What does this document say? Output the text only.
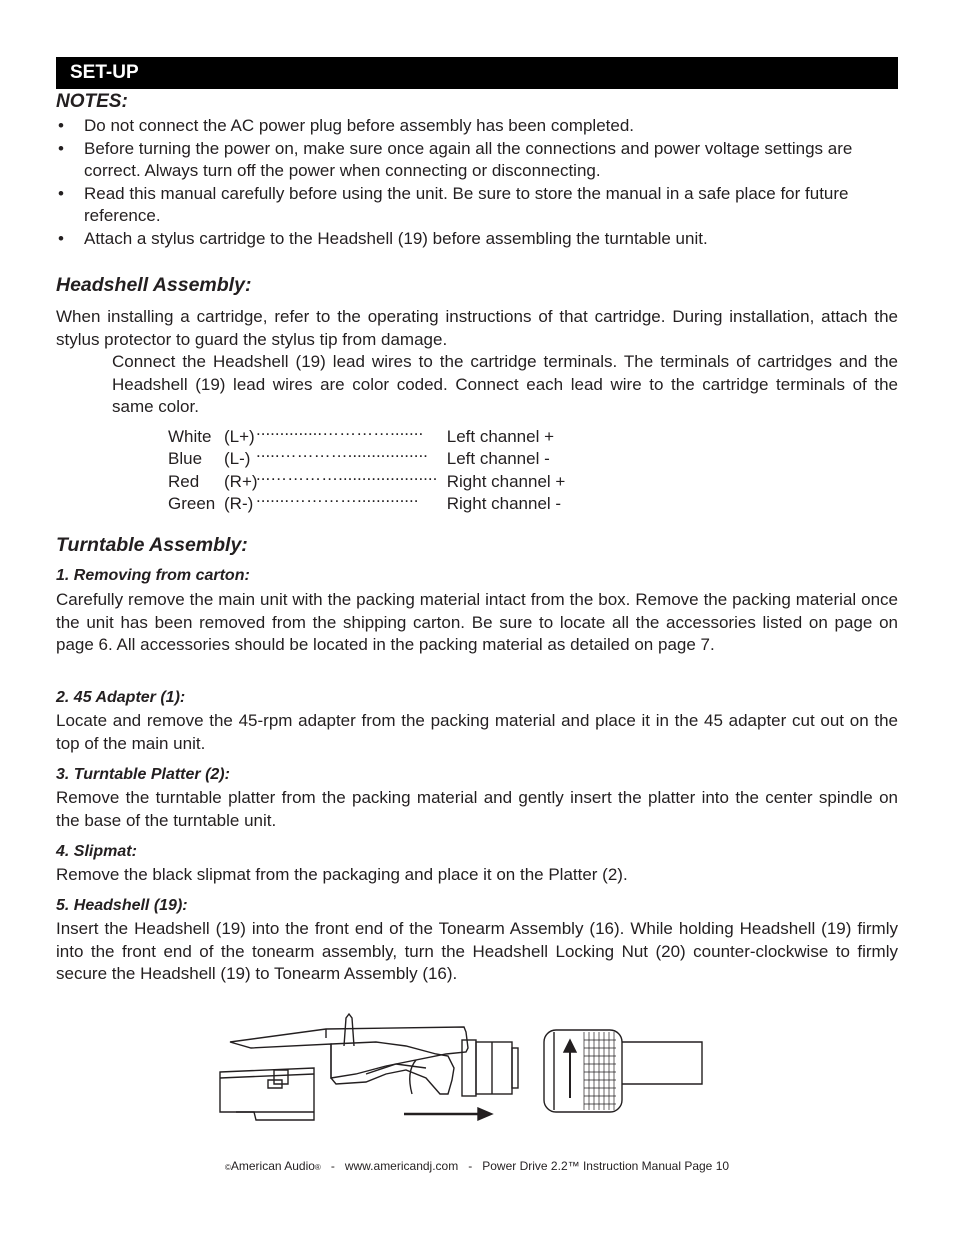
SET-UP
NOTES:
• Do not connect the AC power plug before assembly has been completed.
• Before turning the power on, make sure once again all the connections and power voltage settings are correct. Always turn off the power when connecting or disconnecting.
• Read this manual carefully before using the unit. Be sure to store the manual in a safe place for future reference.
• Attach a stylus cartridge to the Headshell (19) before assembling the turntable unit.
Headshell Assembly:

When installing a cartridge, refer to the operating instructions of that cartridge. During installation, attach the stylus protector to guard the stylus tip from damage.

Connect the Headshell (19) lead wires to the cartridge terminals. The terminals of cartridges and the Headshell (19) lead wires are color coded. Connect each lead wire to the cartridge terminals of the same color.

White (L+)..............…………....... Left channel +
Blue (L-) .....…………................. Left channel -
Red (R+)...…………..................... Right channel +
Green (R-) .......…………............. Right channel -
Turntable Assembly:
1. Removing from carton:

Carefully remove the main unit with the packing material intact from the box. Remove the packing material once the unit has been removed from the shipping carton. Be sure to locate all the accessories listed on page on page 6. All accessories should be located in the packing material as detailed on page 7.

2. 45 Adapter (1):

Locate and remove the 45-rpm adapter from the packing material and place it in the 45 adapter cut out on the top of the main unit.

3. Turntable Platter (2):

Remove the turntable platter from the packing material and gently insert the platter into the center spindle on the base of the turntable unit.

4. Slipmat:

Remove the black slipmat from the packaging and place it on the Platter (2).

5. Headshell (19):

Insert the Headshell (19) into the front end of the Tonearm Assembly (16). While holding Headshell (19) firmly into the front end of the tonearm assembly, turn the Headshell Locking Nut (20) counter-clockwise to firmly secure the Headshell (19) to Tonearm Assembly (16).

©American Audio® - www.americandj.com - Power Drive 2.2™ Instruction Manual Page 10
